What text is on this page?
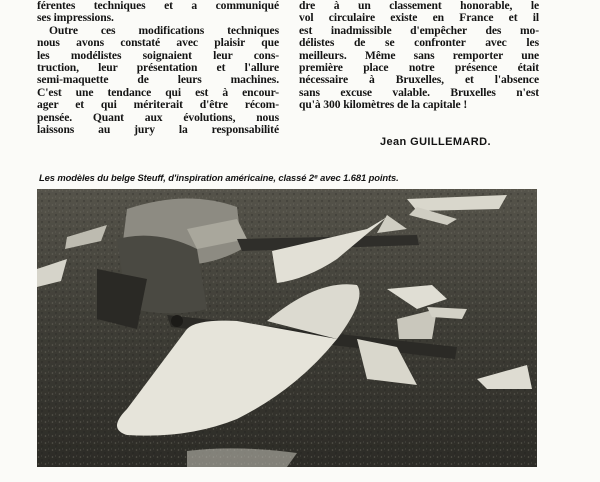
férentes techniques et a communiqué
ses impressions.
Outre ces modifications techniques
nous avons constaté avec plaisir que
les modélistes soignaient leur cons-
truction, leur présentation et l'allure
semi-maquette de leurs machines.
C'est une tendance qui est à encour-
ager et qui mériterait d'être récom-
pensée. Quant aux évolutions, nous
laissons au jury la responsabilité
dre à un classement honorable, le
vol circulaire existe en France et il
est inadmissible d'empêcher des mo-
délistes de se confronter avec les
meilleurs. Même sans remporter une
première place notre présence était
nécessaire à Bruxelles, et l'absence
sans excuse valable. Bruxelles n'est
qu'à 300 kilomètres de la capitale !
Jean GUILLEMARD.
Les modèles du belge Steuff, d'inspiration américaine, classé 2ᵉ avec 1.681 points.
